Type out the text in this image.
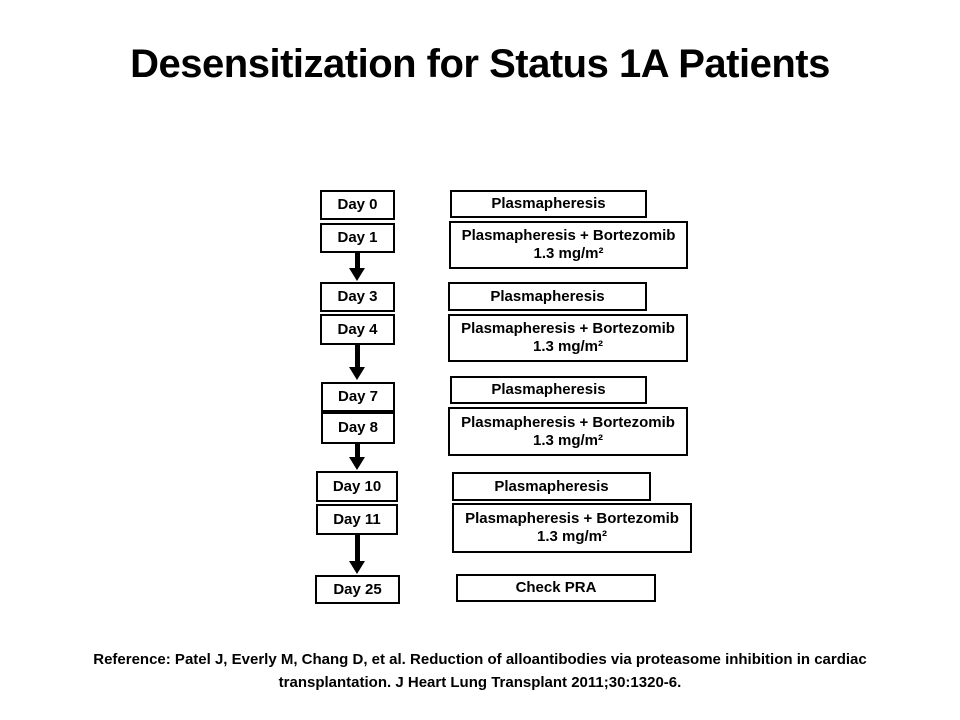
Desensitization for Status 1A Patients
Day 0
Day 1
Day 3
Day 4
Day 7
Day 8
Day 10
Day 11
Day 25
Plasmapheresis
Plasmapheresis + Bortezomib
1.3 mg/m²
Plasmapheresis
Plasmapheresis + Bortezomib
1.3 mg/m²
Plasmapheresis
Plasmapheresis + Bortezomib
1.3 mg/m²
Plasmapheresis
Plasmapheresis + Bortezomib
1.3 mg/m²
Check PRA
Reference: Patel J, Everly M, Chang D, et al. Reduction of alloantibodies via proteasome inhibition in cardiac
transplantation. J Heart Lung Transplant 2011;30:1320-6.
